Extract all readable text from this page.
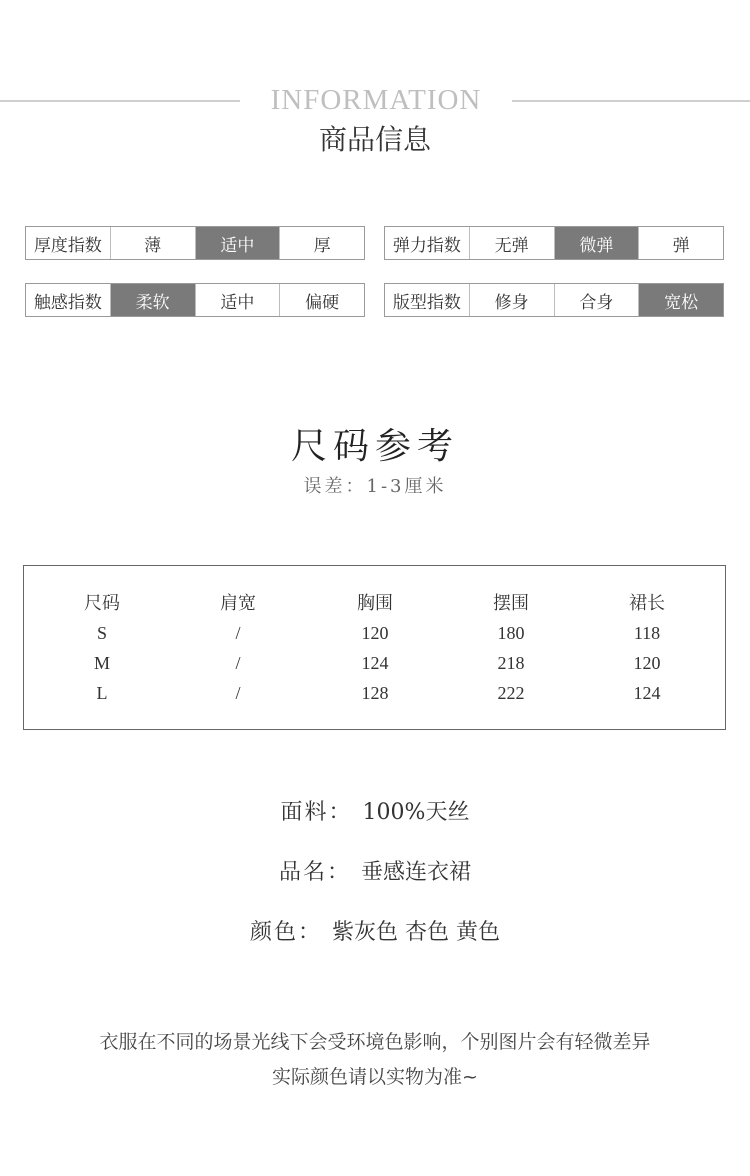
INFORMATION
商品信息
厚度指数	薄	适中	厚	弹力指数	无弹	微弹	弹
触感指数	柔软	适中	偏硬	版型指数	修身	合身	宽松
尺码参考
误差：1-3厘米
尺码	肩宽	胸围	摆围	裙长
S	/	120	180	118
M	/	124	218	120
L	/	128	222	124
面料： 100%天丝
品名： 垂感连衣裙
颜色： 紫灰色 杏色 黄色
衣服在不同的场景光线下会受环境色影响，个别图片会有轻微差异
实际颜色请以实物为准~
